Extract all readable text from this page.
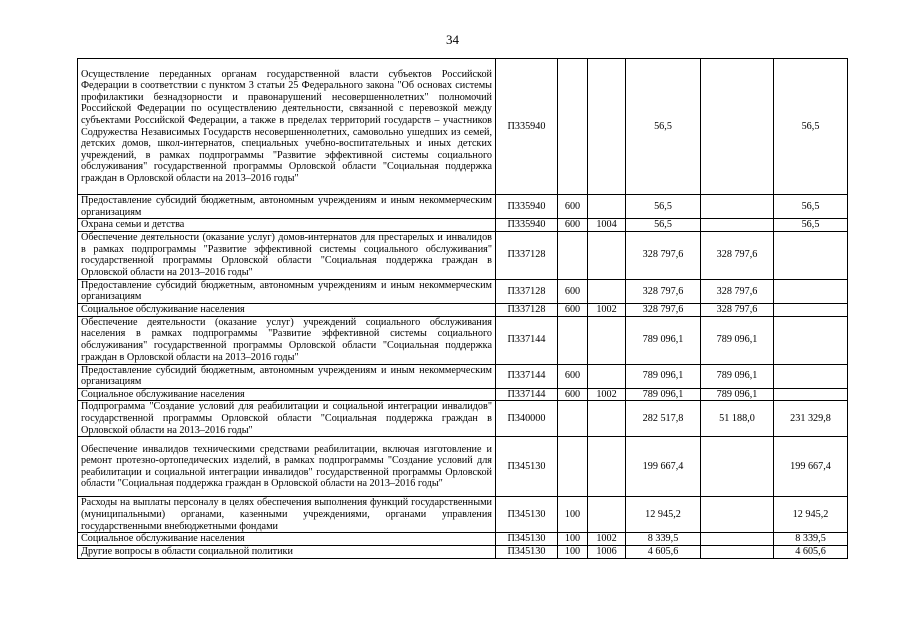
34
Осуществление переданных органам государственной власти субъектов Российской Федерации в соответствии с пунктом 3 статьи 25 Федерального закона "Об основах системы профилактики безнадзорности и правонарушений несовершеннолетних" полномочий Российской Федерации по осуществлению деятельности, связанной с перевозкой между субъектами Российской Федерации, а также в пределах территорий государств – участников Содружества Независимых Государств несовершеннолетних, самовольно ушедших из семей, детских домов, школ-интернатов, специальных учебно-воспитательных и иных детских учреждений, в рамках подпрограммы "Развитие эффективной системы социального обслуживания" государственной программы Орловской области "Социальная поддержка граждан в Орловской области на 2013–2016 годы"	П335940			56,5		56,5
Предоставление субсидий бюджетным, автономным учреждениям и иным некоммерческим организациям	П335940	600		56,5		56,5
Охрана семьи и детства	П335940	600	1004	56,5		56,5
Обеспечение деятельности (оказание услуг) домов-интернатов для престарелых и инвалидов в рамках подпрограммы "Развитие эффективной системы социального обслуживания" государственной программы Орловской области "Социальная поддержка граждан в Орловской области на 2013–2016 годы"	П337128			328 797,6	328 797,6	
Предоставление субсидий бюджетным, автономным учреждениям и иным некоммерческим организациям	П337128	600		328 797,6	328 797,6	
Социальное обслуживание населения	П337128	600	1002	328 797,6	328 797,6	
Обеспечение деятельности (оказание услуг) учреждений социального обслуживания населения в рамках подпрограммы "Развитие эффективной системы социального обслуживания" государственной программы Орловской области "Социальная поддержка граждан в Орловской области на 2013–2016 годы"	П337144			789 096,1	789 096,1	
Предоставление субсидий бюджетным, автономным учреждениям и иным некоммерческим организациям	П337144	600		789 096,1	789 096,1	
Социальное обслуживание населения	П337144	600	1002	789 096,1	789 096,1	
Подпрограмма "Создание условий для реабилитации и социальной интеграции инвалидов" государственной программы Орловской области "Социальная поддержка граждан в Орловской области на 2013–2016 годы"	П340000			282 517,8	51 188,0	231 329,8
Обеспечение инвалидов техническими средствами реабилитации, включая изготовление и ремонт протезно-ортопедических изделий, в рамках подпрограммы "Создание условий для реабилитации и социальной интеграции инвалидов" государственной программы Орловской области "Социальная поддержка граждан в Орловской области на 2013–2016 годы"	П345130			199 667,4		199 667,4
Расходы на выплаты персоналу в целях обеспечения выполнения функций государственными (муниципальными) органами, казенными учреждениями, органами управления государственными внебюджетными фондами	П345130	100		12 945,2		12 945,2
Социальное обслуживание населения	П345130	100	1002	8 339,5		8 339,5
Другие вопросы в области социальной политики	П345130	100	1006	4 605,6		4 605,6
